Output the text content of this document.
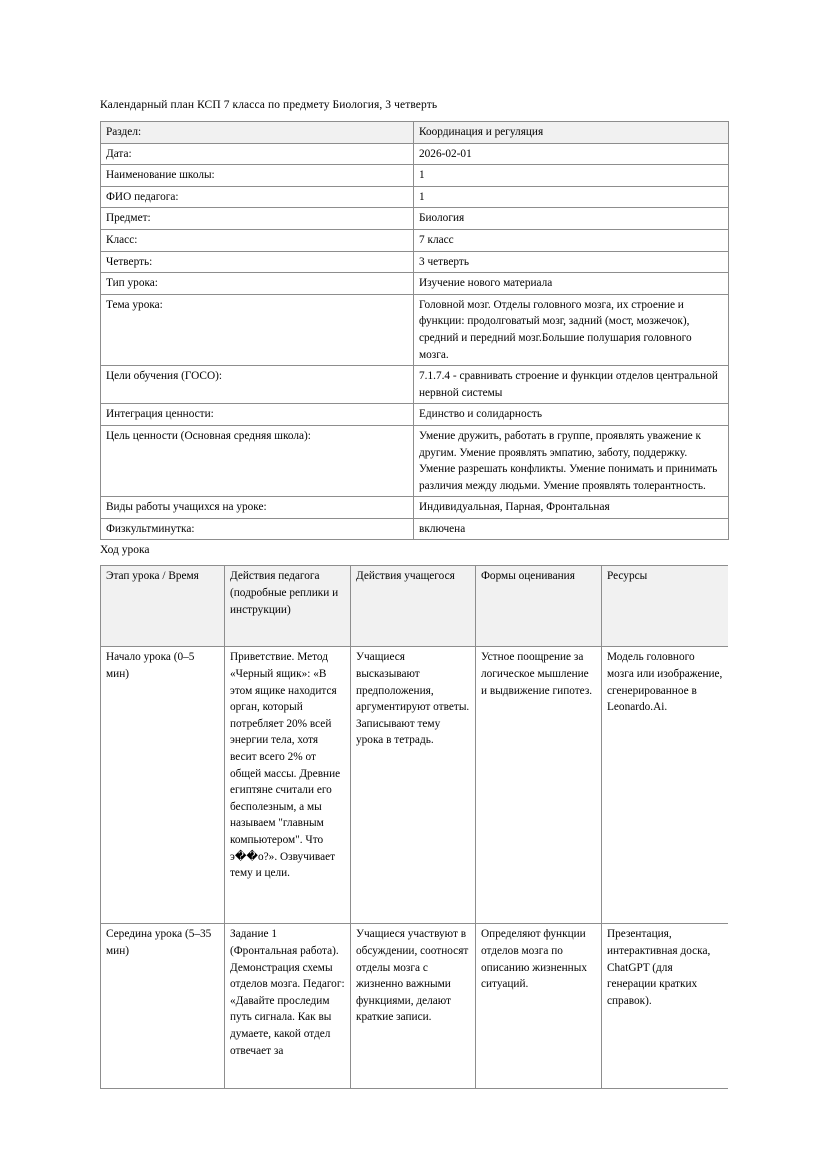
Календарный план КСП 7 класса по предмету Биология, 3 четверть
Раздел:	Координация и регуляция
Дата:	2026-02-01
Наименование школы:	1
ФИО педагога:	1
Предмет:	Биология
Класс:	7 класс
Четверть:	3 четверть
Тип урока:	Изучение нового материала
Тема урока:	Головной мозг. Отделы головного мозга, их строение и функции: продолговатый мозг, задний (мост, мозжечок), средний и передний мозг.Большие полушария головного мозга.
Цели обучения (ГОСО):	7.1.7.4 - сравнивать строение и функции отделов центральной нервной системы
Интеграция ценности:	Единство и солидарность
Цель ценности (Основная средняя школа):	Умение дружить, работать в группе, проявлять уважение к другим. Умение проявлять эмпатию, заботу, поддержку. Умение разрешать конфликты. Умение понимать и принимать различия между людьми. Умение проявлять толерантность.
Виды работы учащихся на уроке:	Индивидуальная, Парная, Фронтальная
Физкультминутка:	включена
Ход урока
Этап урока / Время	Действия педагога (подробные реплики и инструкции)	Действия учащегося	Формы оценивания	Ресурсы
Начало урока (0–5 мин)	Приветствие. Метод «Черный ящик»: «В этом ящике находится орган, который потребляет 20% всей энергии тела, хотя весит всего 2% от общей массы. Древние египтяне считали его бесполезным, а мы называем "главным компьютером". Что э��о?». Озвучивает тему и цели.	Учащиеся высказывают предположения, аргументируют ответы. Записывают тему урока в тетрадь.	Устное поощрение за логическое мышление и выдвижение гипотез.	Модель головного мозга или изображение, сгенерированное в Leonardo.Ai.
Середина урока (5–35 мин)	Задание 1 (Фронтальная работа). Демонстрация схемы отделов мозга. Педагог: «Давайте проследим путь сигнала. Как вы думаете, какой отдел отвечает за	Учащиеся участвуют в обсуждении, соотносят отделы мозга с жизненно важными функциями, делают краткие записи.	Определяют функции отделов мозга по описанию жизненных ситуаций.	Презентация, интерактивная доска, ChatGPT (для генерации кратких справок).
